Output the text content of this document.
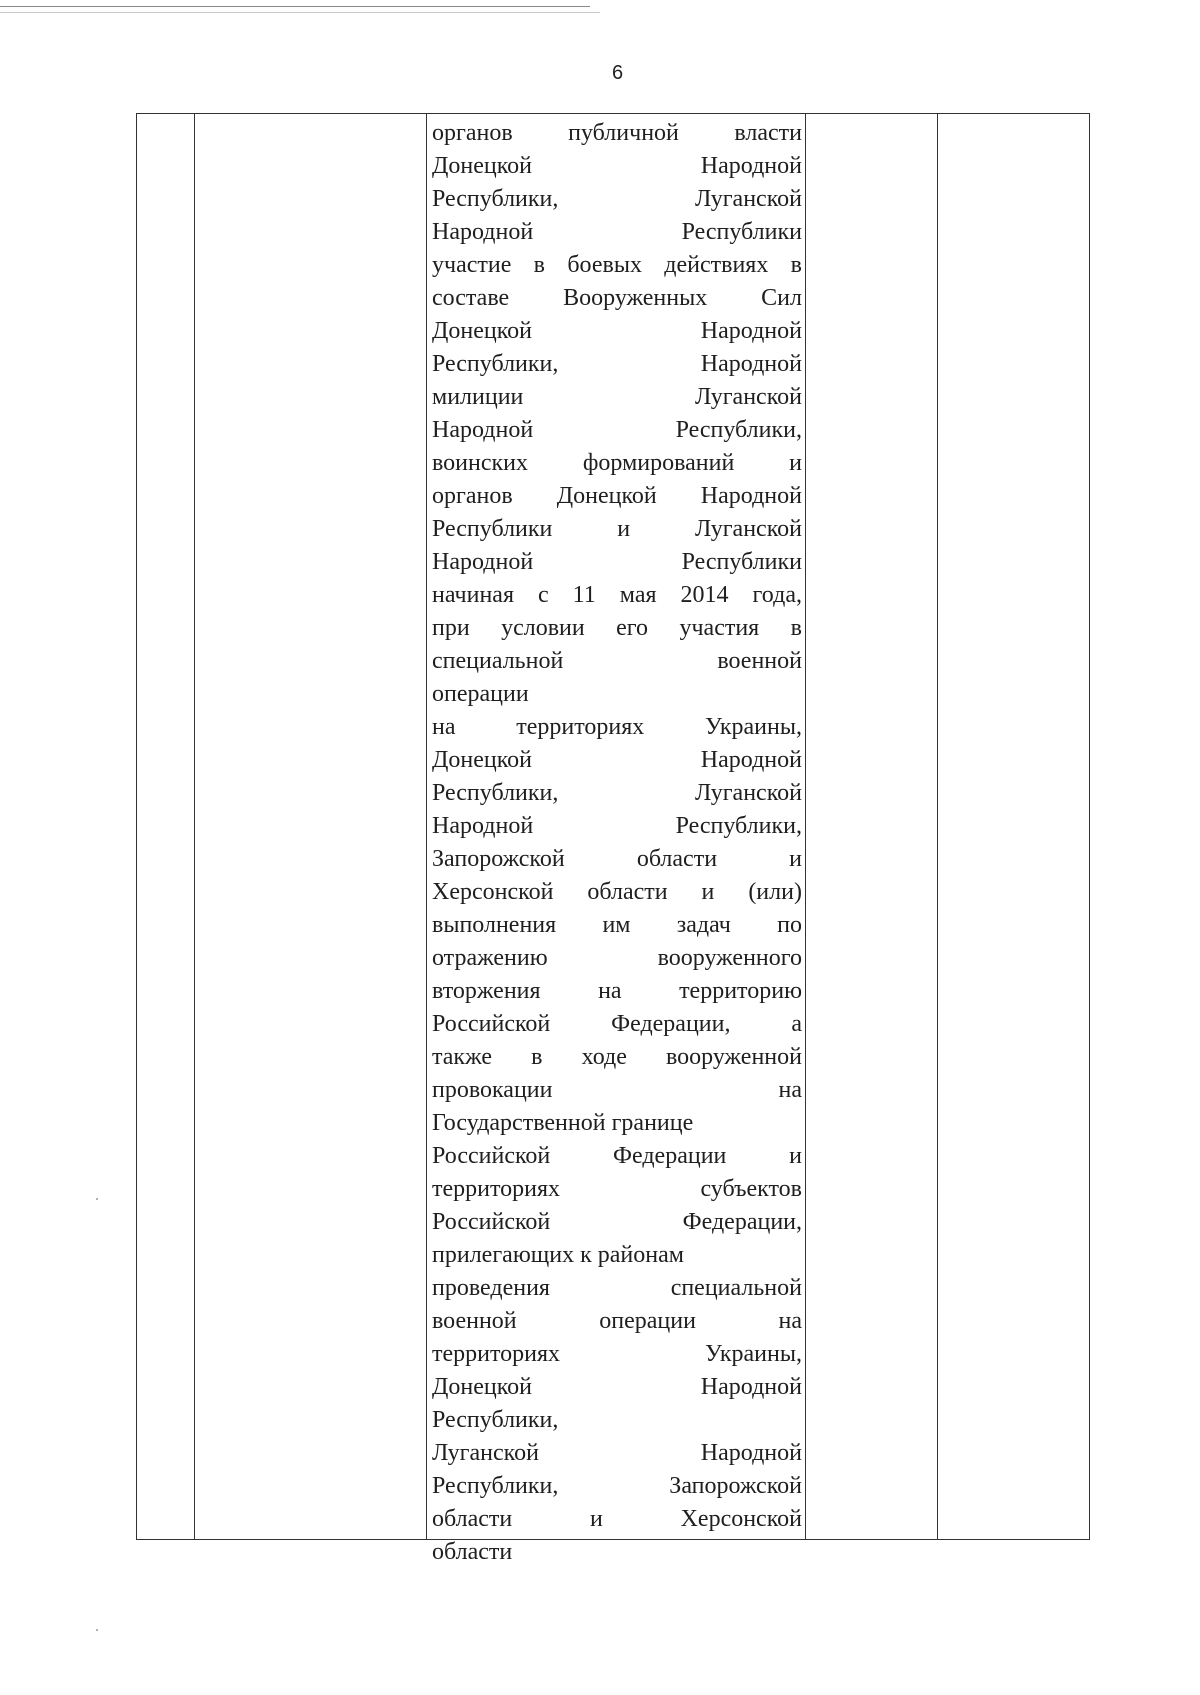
6
органов публичной власти
Донецкой	Народной
Республики,	Луганской
Народной	Республики
участие в боевых действиях в
составе Вооруженных Сил
Донецкой	Народной
Республики,	Народной
милиции	Луганской
Народной	Республики,
воинских формирований и
органов Донецкой Народной
Республики	и	Луганской
Народной	Республики
начиная с 11 мая 2014 года,
при условии его участия в
специальной	военной
операции
на	территориях	Украины,
Донецкой	Народной
Республики,	Луганской
Народной	Республики,
Запорожской	области	и
Херсонской области и (или)
выполнения им задач по
отражению	вооруженного
вторжения на территорию
Российской	Федерации,	а
также в ходе вооруженной
провокации	на
Государственной границе
Российской	Федерации	и
территориях	субъектов
Российской	Федерации,
прилегающих к районам
проведения	специальной
военной	операции	на
территориях	Украины,
Донецкой	Народной
Республики,
Луганской	Народной
Республики,	Запорожской
области	и	Херсонской
области
